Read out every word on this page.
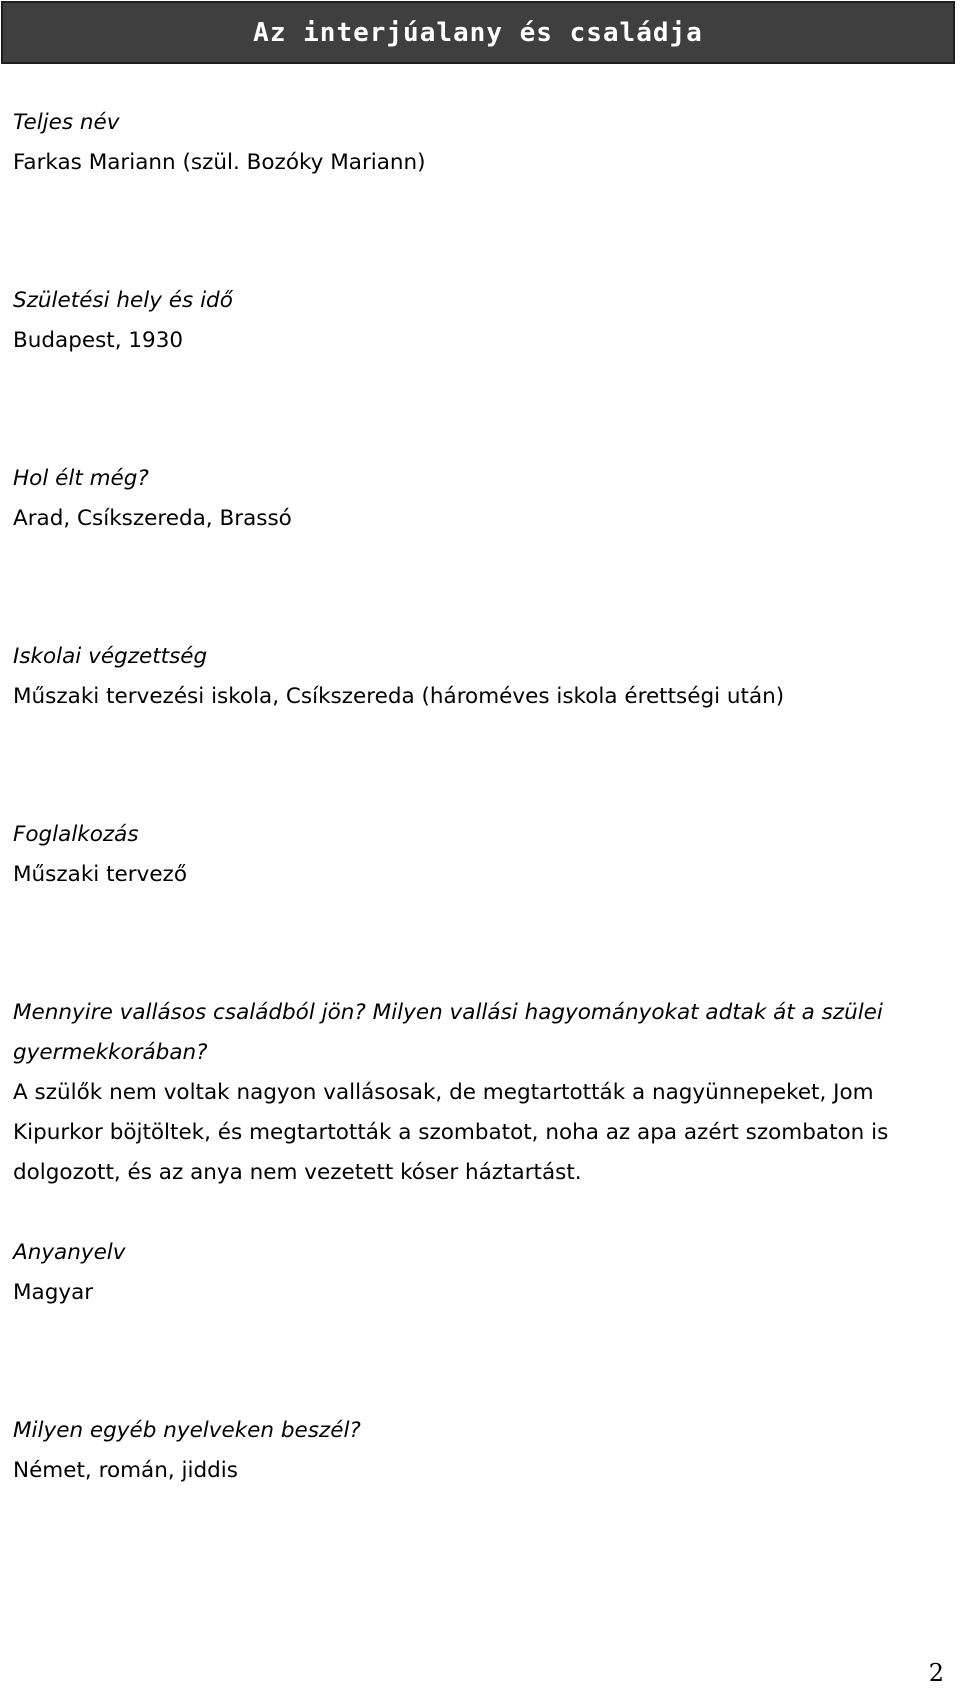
Az interjúalany és családja

Teljes név

Farkas Mariann (szül. Bozóky Mariann)

Születési hely és idő

Budapest, 1930

Hol élt még?

Arad, Csíkszereda, Brassó

Iskolai végzettség

Műszaki tervezési iskola, Csíkszereda (hároméves iskola érettségi után)

Foglalkozás

Műszaki tervező

Mennyire vallásos családból jön? Milyen vallási hagyományokat adtak át a szülei gyermekkorában?

A szülők nem voltak nagyon vallásosak, de megtartották a nagyünnepeket, Jom Kipurkor böjtöltek, és megtartották a szombatot, noha az apa azért szombaton is dolgozott, és az anya nem vezetett kóser háztartást.

Anyanyelv

Magyar

Milyen egyéb nyelveken beszél?

Német, román, jiddis

2
